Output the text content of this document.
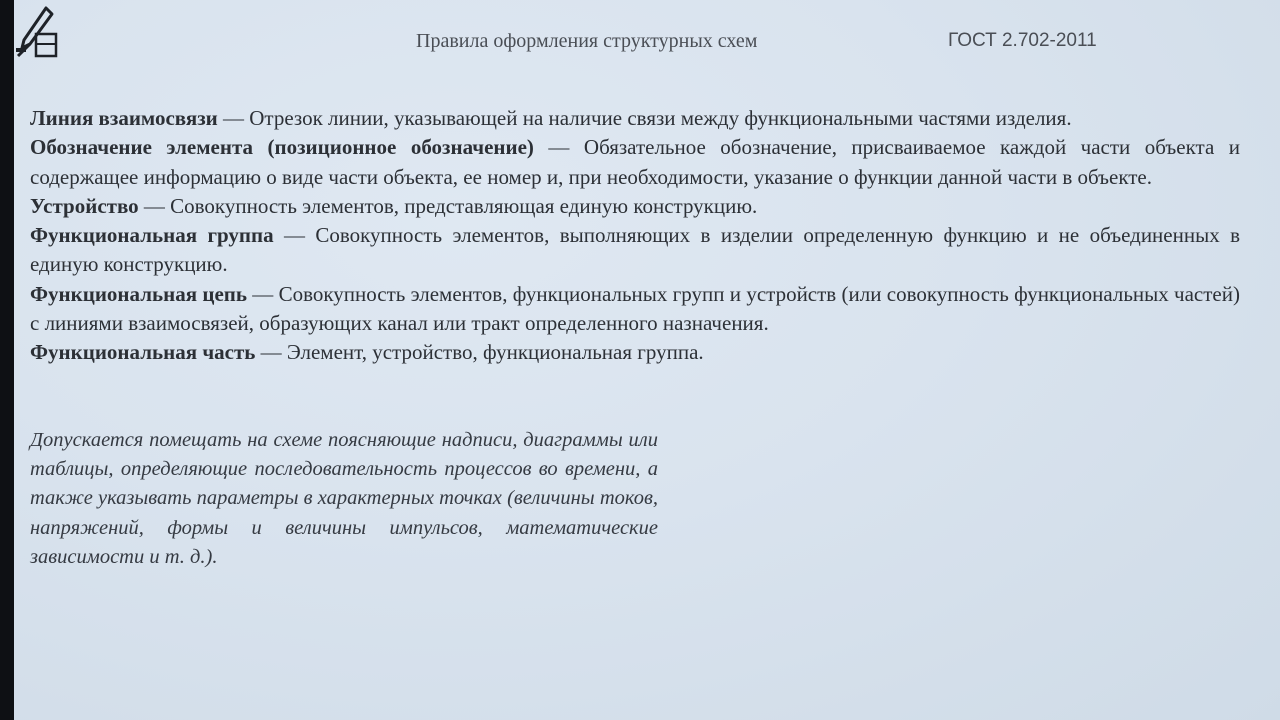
Правила оформления структурных схем	ГОСТ 2.702-2011

Линия взаимосвязи — Отрезок линии, указывающей на наличие связи между функциональными частями изделия.

Обозначение элемента (позиционное обозначение) — Обязательное обозначение, присваиваемое каждой части объекта и содержащее информацию о виде части объекта, ее номер и, при необходимости, указание о функции данной части в объекте.

Устройство — Совокупность элементов, представляющая единую конструкцию.

Функциональная группа — Совокупность элементов, выполняющих в изделии определенную функцию и не объединенных в единую конструкцию.

Функциональная цепь — Совокупность элементов, функциональных групп и устройств (или совокупность функциональных частей) с линиями взаимосвязей, образующих канал или тракт определенного назначения.

Функциональная часть — Элемент, устройство, функциональная группа.

Допускается помещать на схеме поясняющие надписи, диаграммы или таблицы, определяющие последовательность процессов во времени, а также указывать параметры в характерных точках (величины токов, напряжений, формы и величины импульсов, математические зависимости и т. д.).
